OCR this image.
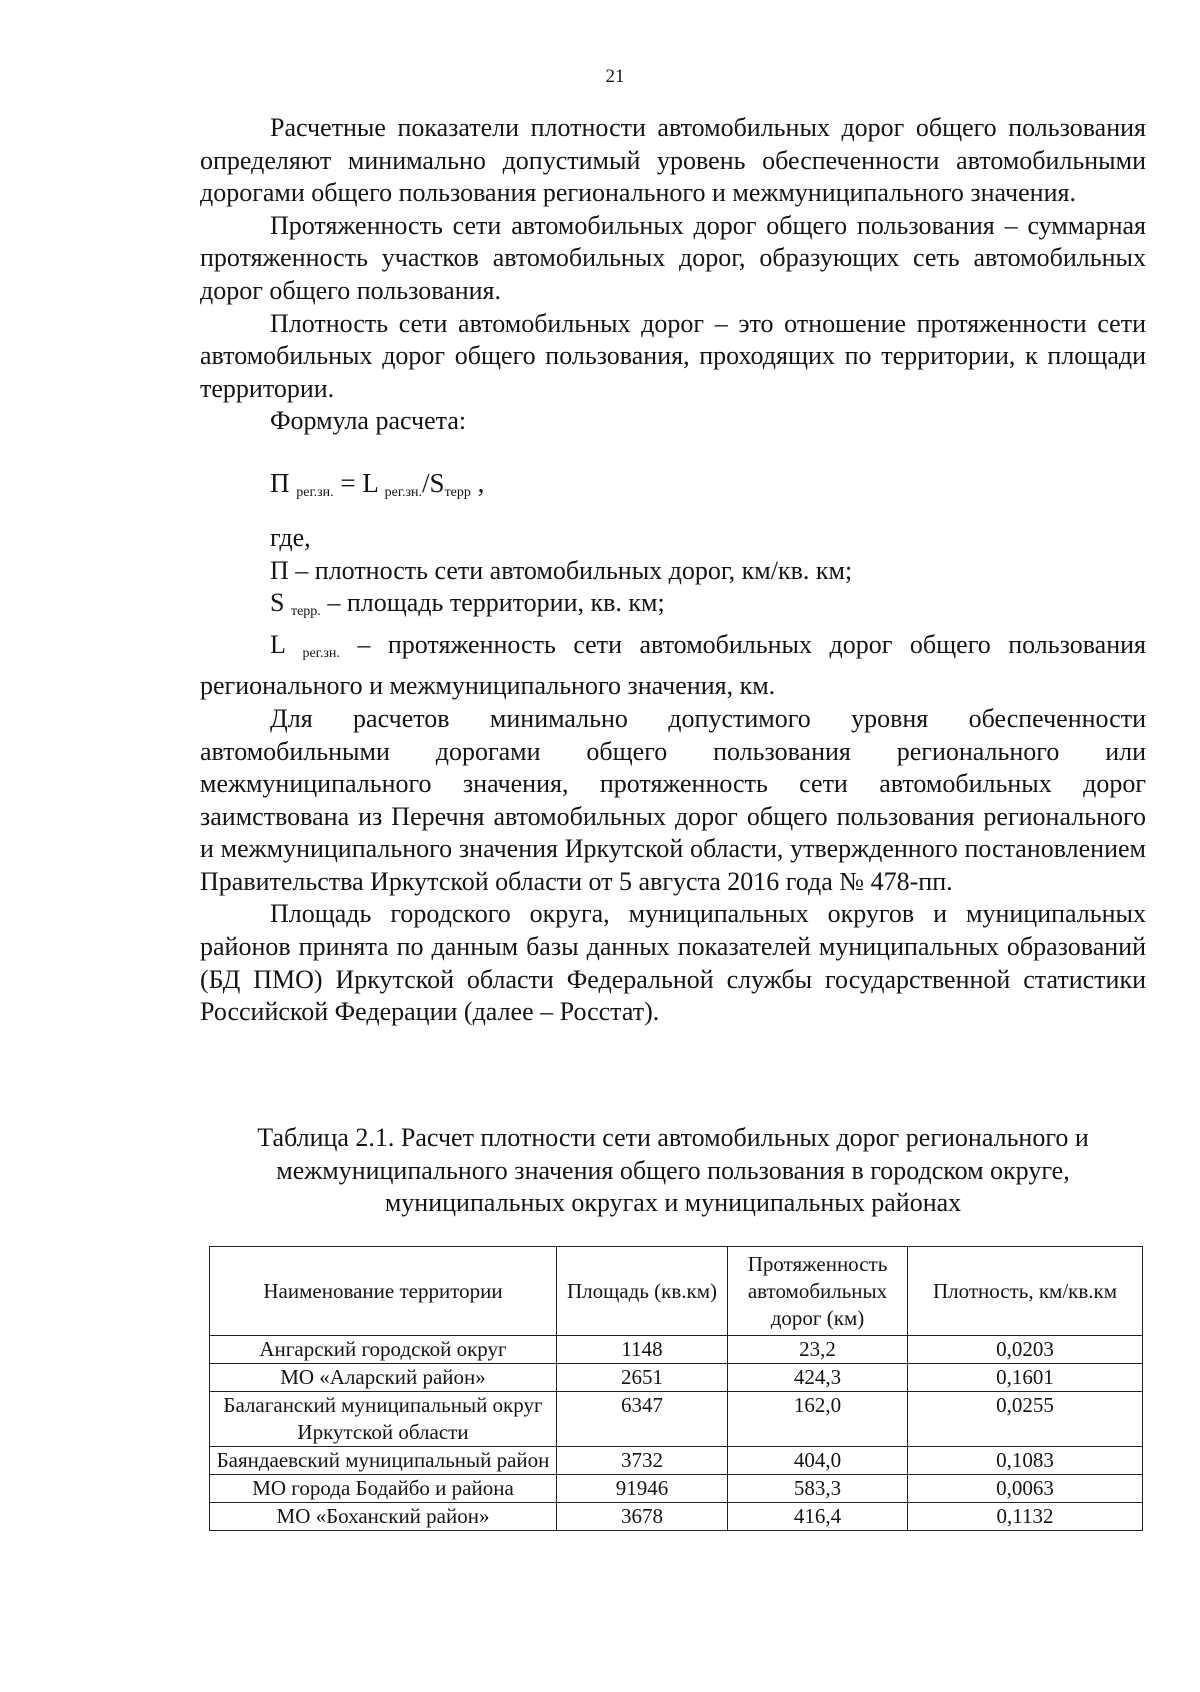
21

Расчетные показатели плотности автомобильных дорог общего пользования определяют минимально допустимый уровень обеспеченности автомобильными дорогами общего пользования регионального и межмуниципального значения.

Протяженность сети автомобильных дорог общего пользования – суммарная протяженность участков автомобильных дорог, образующих сеть автомобильных дорог общего пользования.

Плотность сети автомобильных дорог – это отношение протяженности сети автомобильных дорог общего пользования, проходящих по территории, к площади территории.

Формула расчета:

П $_{рег.зн.}$ = L $_{рег.зн.}/S_{терр}$ ,

где,

П – плотность сети автомобильных дорог, км/кв. км;

S $_{терр.}$ – площадь территории, кв. км;

L $_{рег.зн.}$ – протяженность сети автомобильных дорог общего пользования регионального и межмуниципального значения, км.

Для расчетов минимально допустимого уровня обеспеченности автомобильными дорогами общего пользования регионального или межмуниципального значения, протяженность сети автомобильных дорог заимствована из Перечня автомобильных дорог общего пользования регионального и межмуниципального значения Иркутской области, утвержденного постановлением Правительства Иркутской области от 5 августа 2016 года № 478-пп.

Площадь городского округа, муниципальных округов и муниципальных районов принята по данным базы данных показателей муниципальных образований (БД ПМО) Иркутской области Федеральной службы государственной статистики Российской Федерации (далее – Росстат).

Таблица 2.1. Расчет плотности сети автомобильных дорог регионального и межмуниципального значения общего пользования в городском округе, муниципальных округах и муниципальных районах
Наименование территории	Площадь (кв.км)	Протяженность автомобильных дорог (км)	Плотность, км/кв.км
Ангарский городской округ	1148	23,2	0,0203
МО «Аларский район»	2651	424,3	0,1601
Балаганский муниципальный округ Иркутской области	6347	162,0	0,0255
Баяндаевский муниципальный район	3732	404,0	0,1083
МО города Бодайбо и района	91946	583,3	0,0063
МО «Боханский район»	3678	416,4	0,1132
